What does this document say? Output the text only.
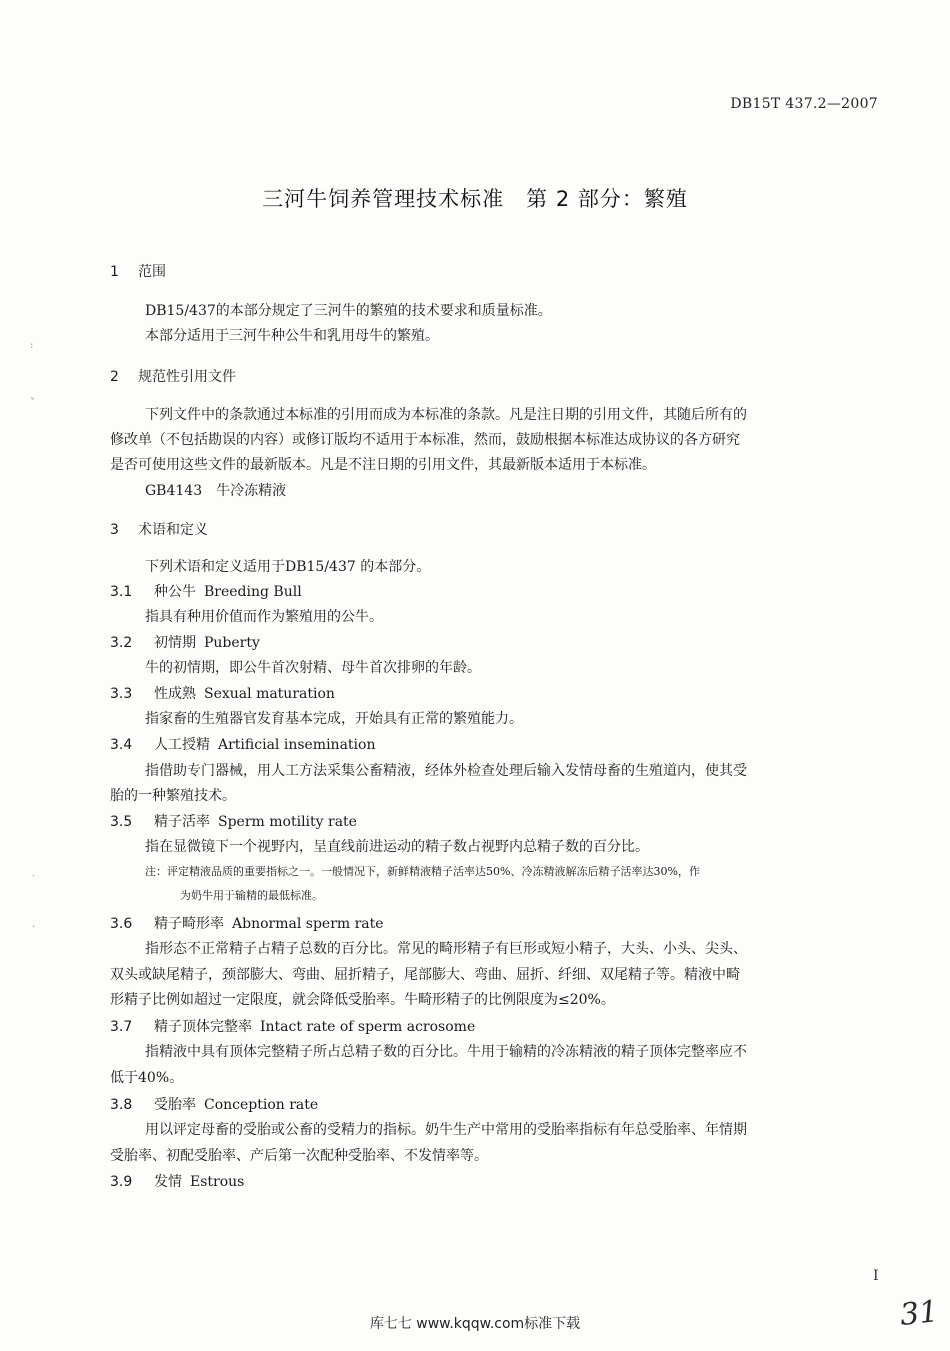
DB15T 437.2—2007
三河牛饲养管理技术标准　第 2 部分：繁殖
1 范围
DB15/437的本部分规定了三河牛的繁殖的技术要求和质量标准。
本部分适用于三河牛种公牛和乳用母牛的繁殖。
2 规范性引用文件
下列文件中的条款通过本标准的引用而成为本标准的条款。凡是注日期的引用文件，其随后所有的
修改单（不包括勘误的内容）或修订版均不适用于本标准，然而，鼓励根据本标准达成协议的各方研究
是否可使用这些文件的最新版本。凡是不注日期的引用文件，其最新版本适用于本标准。
GB4143　牛冷冻精液
3 术语和定义
下列术语和定义适用于DB15/437 的本部分。
3.1 种公牛 Breeding Bull
指具有种用价值而作为繁殖用的公牛。
3.2 初情期 Puberty
牛的初情期，即公牛首次射精、母牛首次排卵的年龄。
3.3 性成熟 Sexual maturation
指家畜的生殖器官发育基本完成，开始具有正常的繁殖能力。
3.4 人工授精 Artificial insemination
指借助专门器械，用人工方法采集公畜精液，经体外检查处理后输入发情母畜的生殖道内，使其受
胎的一种繁殖技术。
3.5 精子活率 Sperm motility rate
指在显微镜下一个视野内，呈直线前进运动的精子数占视野内总精子数的百分比。
注：评定精液品质的重要指标之一。一般情况下，新鲜精液精子活率达50%、冷冻精液解冻后精子活率达30%，作
为奶牛用于输精的最低标准。
3.6 精子畸形率 Abnormal sperm rate
指形态不正常精子占精子总数的百分比。常见的畸形精子有巨形或短小精子，大头、小头、尖头、
双头或缺尾精子，颈部膨大、弯曲、屈折精子，尾部膨大、弯曲、屈折、纤细、双尾精子等。精液中畸
形精子比例如超过一定限度，就会降低受胎率。牛畸形精子的比例限度为≤20%。
3.7 精子顶体完整率 Intact rate of sperm acrosome
指精液中具有顶体完整精子所占总精子数的百分比。牛用于输精的冷冻精液的精子顶体完整率应不
低于40%。
3.8 受胎率 Conception rate
用以评定母畜的受胎或公畜的受精力的指标。奶牛生产中常用的受胎率指标有年总受胎率、年情期
受胎率、初配受胎率、产后第一次配种受胎率、不发情率等。
3.9 发情 Estrous
:
ˇ
ˎ
·
I
31
库七七 www.kqqw.com标准下载
